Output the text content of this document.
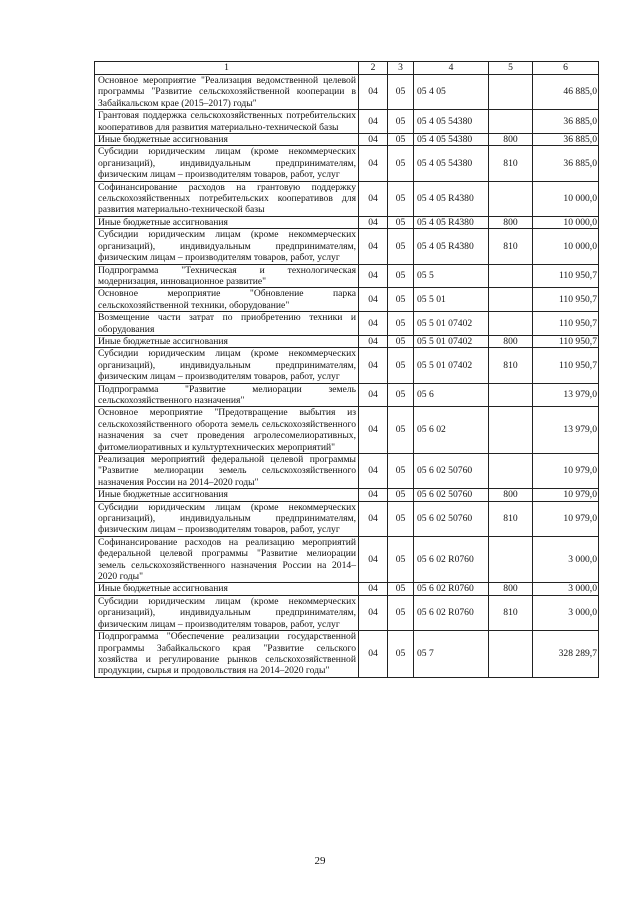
1	2	3	4	5	6
Основное мероприятие "Реализация ведомственной целевой программы "Развитие сельскохозяйственной кооперации в Забайкальском крае (2015–2017) годы"	04	05	05 4 05		46 885,0
Грантовая поддержка сельскохозяйственных потребительских кооперативов для развития материально-технической базы	04	05	05 4 05 54380		36 885,0
Иные бюджетные ассигнования	04	05	05 4 05 54380	800	36 885,0
Субсидии юридическим лицам (кроме некоммерческих организаций), индивидуальным предпринимателям, физическим лицам – производителям товаров, работ, услуг	04	05	05 4 05 54380	810	36 885,0
Софинансирование расходов на грантовую поддержку сельскохозяйственных потребительских кооперативов для развития материально-технической базы	04	05	05 4 05 R4380		10 000,0
Иные бюджетные ассигнования	04	05	05 4 05 R4380	800	10 000,0
Субсидии юридическим лицам (кроме некоммерческих организаций), индивидуальным предпринимателям, физическим лицам – производителям товаров, работ, услуг	04	05	05 4 05 R4380	810	10 000,0
Подпрограмма "Техническая и технологическая модернизация, инновационное развитие"	04	05	05 5		110 950,7
Основное мероприятие "Обновление парка сельскохозяйственной техники, оборудование"	04	05	05 5 01		110 950,7
Возмещение части затрат по приобретению техники и оборудования	04	05	05 5 01 07402		110 950,7
Иные бюджетные ассигнования	04	05	05 5 01 07402	800	110 950,7
Субсидии юридическим лицам (кроме некоммерческих организаций), индивидуальным предпринимателям, физическим лицам – производителям товаров, работ, услуг	04	05	05 5 01 07402	810	110 950,7
Подпрограмма "Развитие мелиорации земель сельскохозяйственного назначения"	04	05	05 6		13 979,0
Основное мероприятие "Предотвращение выбытия из сельскохозяйственного оборота земель сельскохозяйственного назначения за счет проведения агролесомелиоративных, фитомелиоративных и культуртехнических мероприятий"	04	05	05 6 02		13 979,0
Реализация мероприятий федеральной целевой программы "Развитие мелиорации земель сельскохозяйственного назначения России на 2014–2020 годы"	04	05	05 6 02 50760		10 979,0
Иные бюджетные ассигнования	04	05	05 6 02 50760	800	10 979,0
Субсидии юридическим лицам (кроме некоммерческих организаций), индивидуальным предпринимателям, физическим лицам – производителям товаров, работ, услуг	04	05	05 6 02 50760	810	10 979,0
Софинансирование расходов на реализацию мероприятий федеральной целевой программы "Развитие мелиорации земель сельскохозяйственного назначения России на 2014–2020 годы"	04	05	05 6 02 R0760		3 000,0
Иные бюджетные ассигнования	04	05	05 6 02 R0760	800	3 000,0
Субсидии юридическим лицам (кроме некоммерческих организаций), индивидуальным предпринимателям, физическим лицам – производителям товаров, работ, услуг	04	05	05 6 02 R0760	810	3 000,0
Подпрограмма "Обеспечение реализации государственной программы Забайкальского края "Развитие сельского хозяйства и регулирование рынков сельскохозяйственной продукции, сырья и продовольствия на 2014–2020 годы"	04	05	05 7		328 289,7
29
